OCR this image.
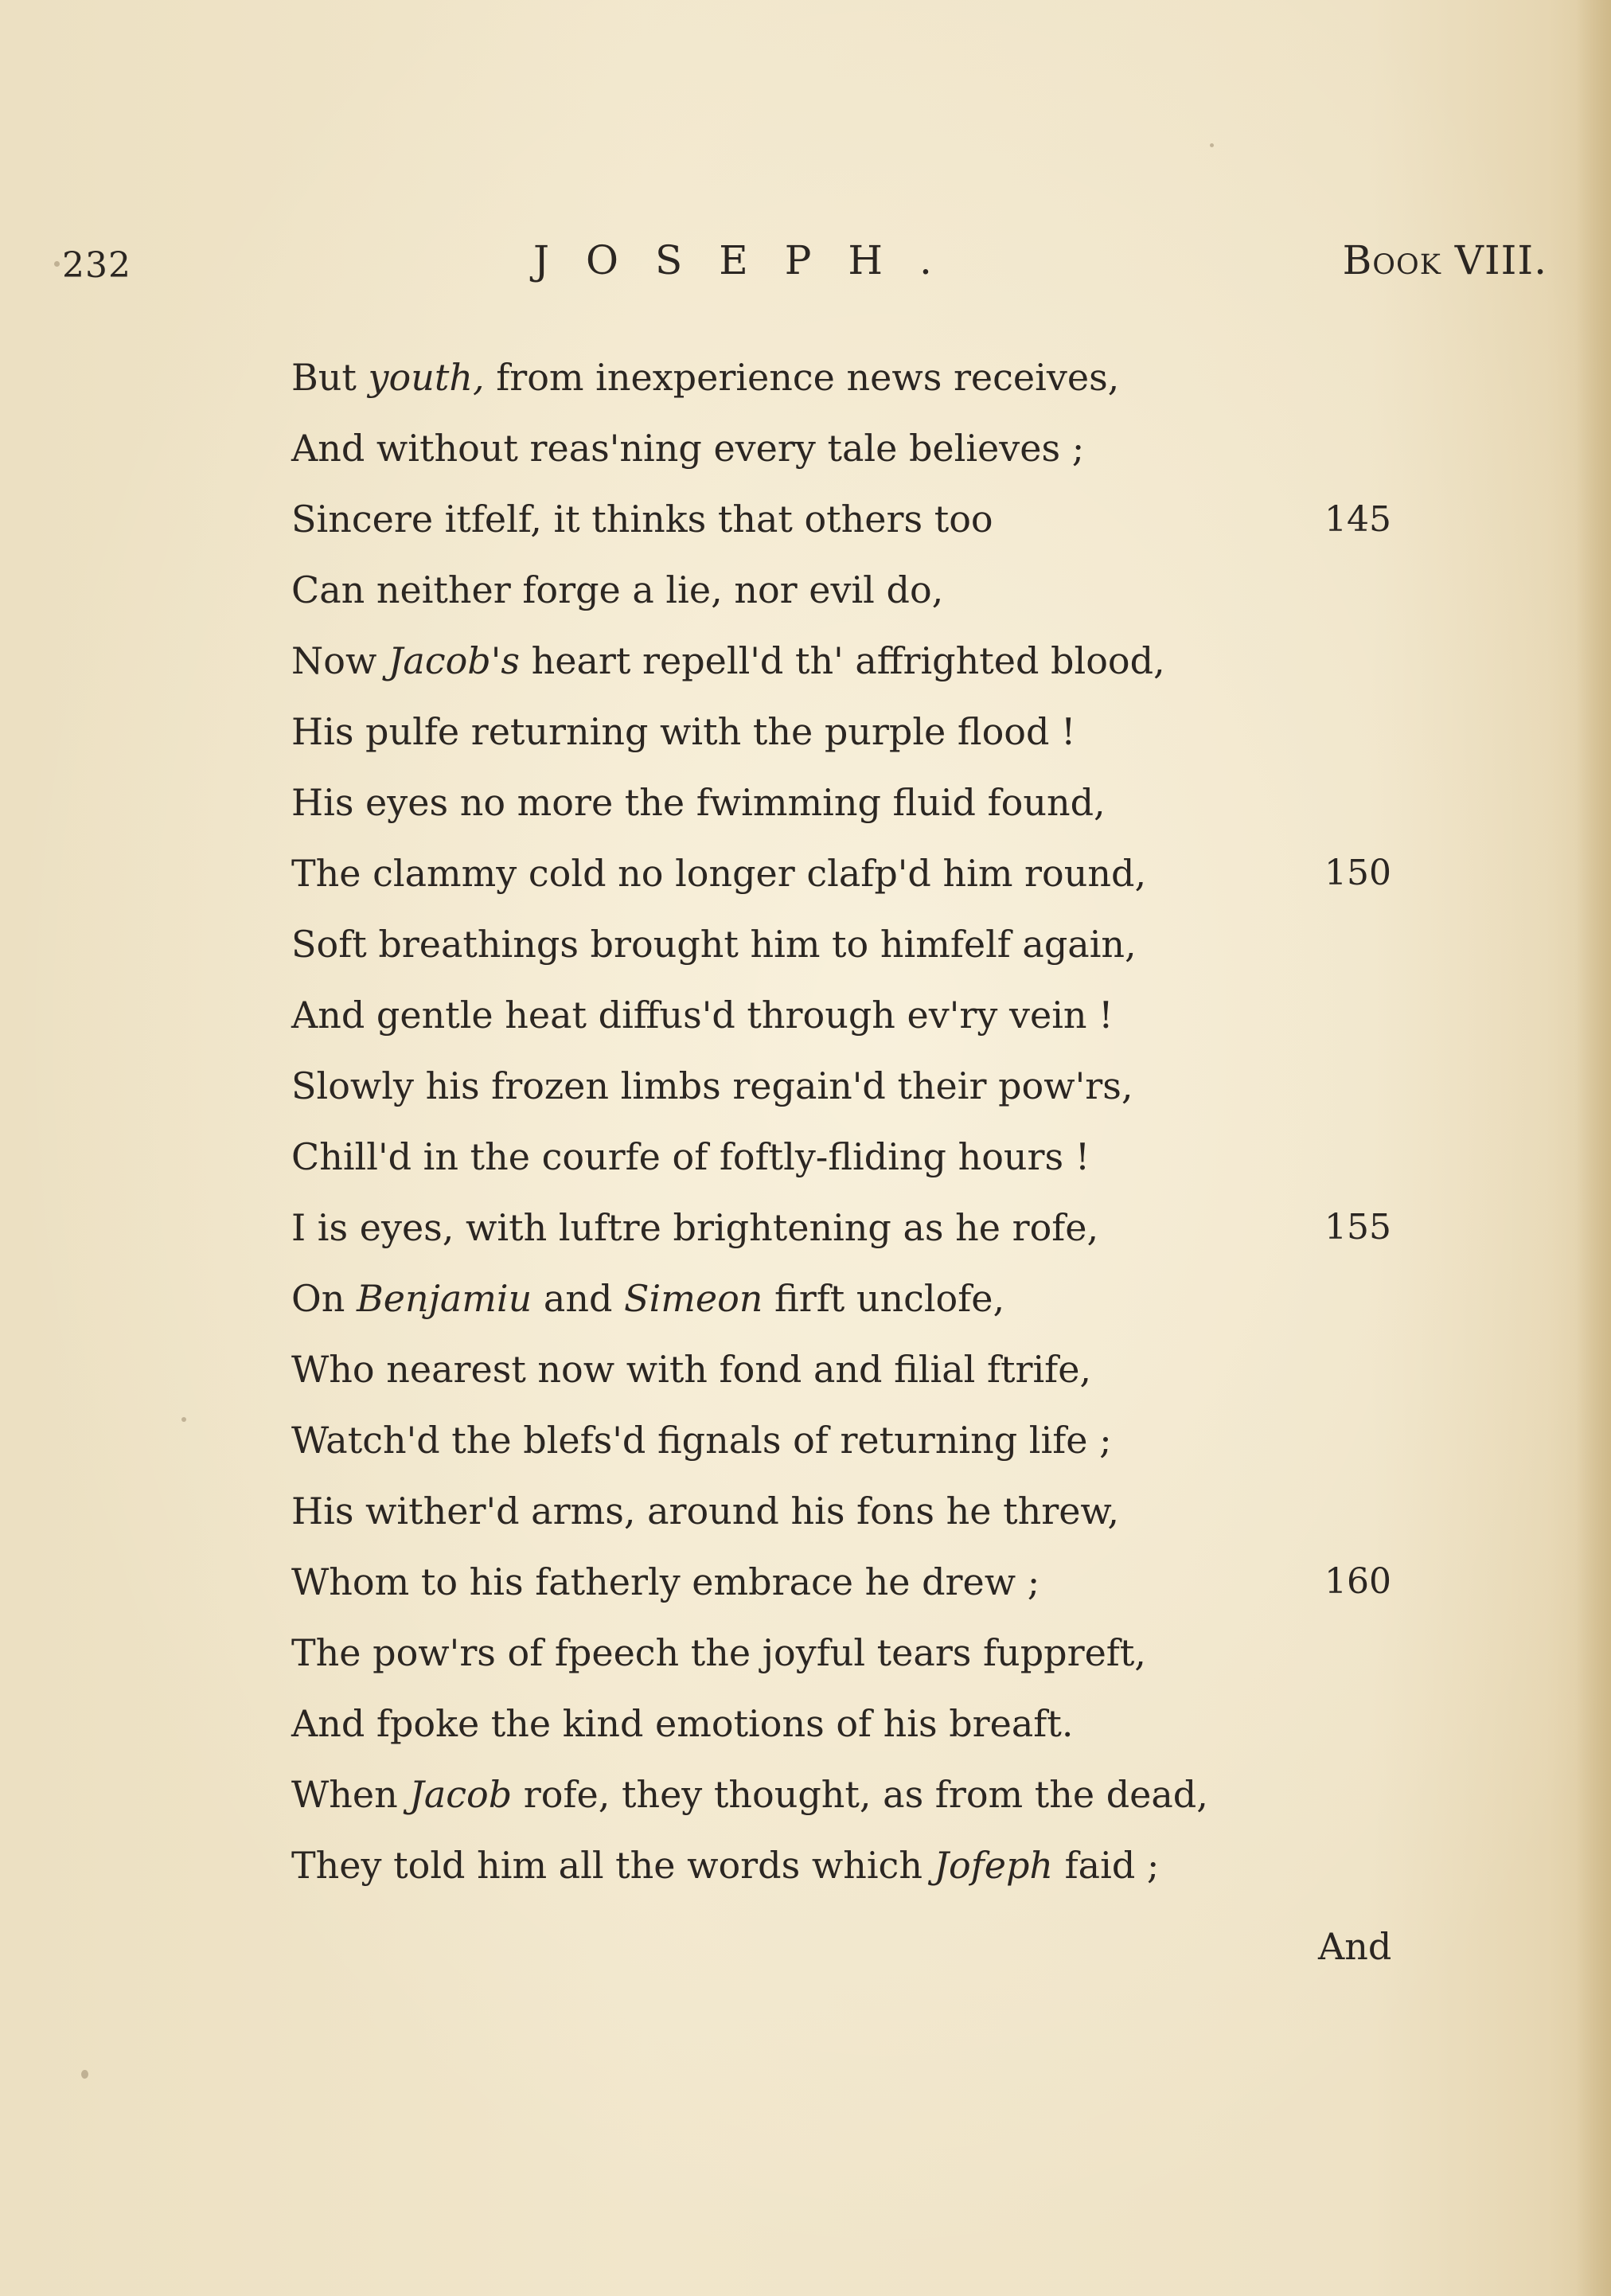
232	JOSEPH.	Book VIII.
But youth, from inexperience news receives,
And without reas'ning every tale believes ;
Sincere itfelf, it thinks that others too
Can neither forge a lie, nor evil do,
Now Jacob's heart repell'd th' affrighted blood,
His pulfe returning with the purple flood !
His eyes no more the fwimming fluid found,
The clammy cold no longer clafp'd him round,
Soft breathings brought him to himfelf again,
And gentle heat diffus'd through ev'ry vein !
Slowly his frozen limbs regain'd their pow'rs,
Chill'd in the courfe of foftly-fliding hours !
I is eyes, with luftre brightening as he rofe,
On Benjamiu and Simeon firft unclofe,
Who nearest now with fond and filial ftrife,
Watch'd the blefs'd fignals of returning life ;
His wither'd arms, around his fons he threw,
Whom to his fatherly embrace he drew ;
The pow'rs of fpeech the joyful tears fuppreft,
And fpoke the kind emotions of his breaft.
When Jacob rofe, they thought, as from the dead,
They told him all the words which Jofeph faid ;
145
150
155
160
And
